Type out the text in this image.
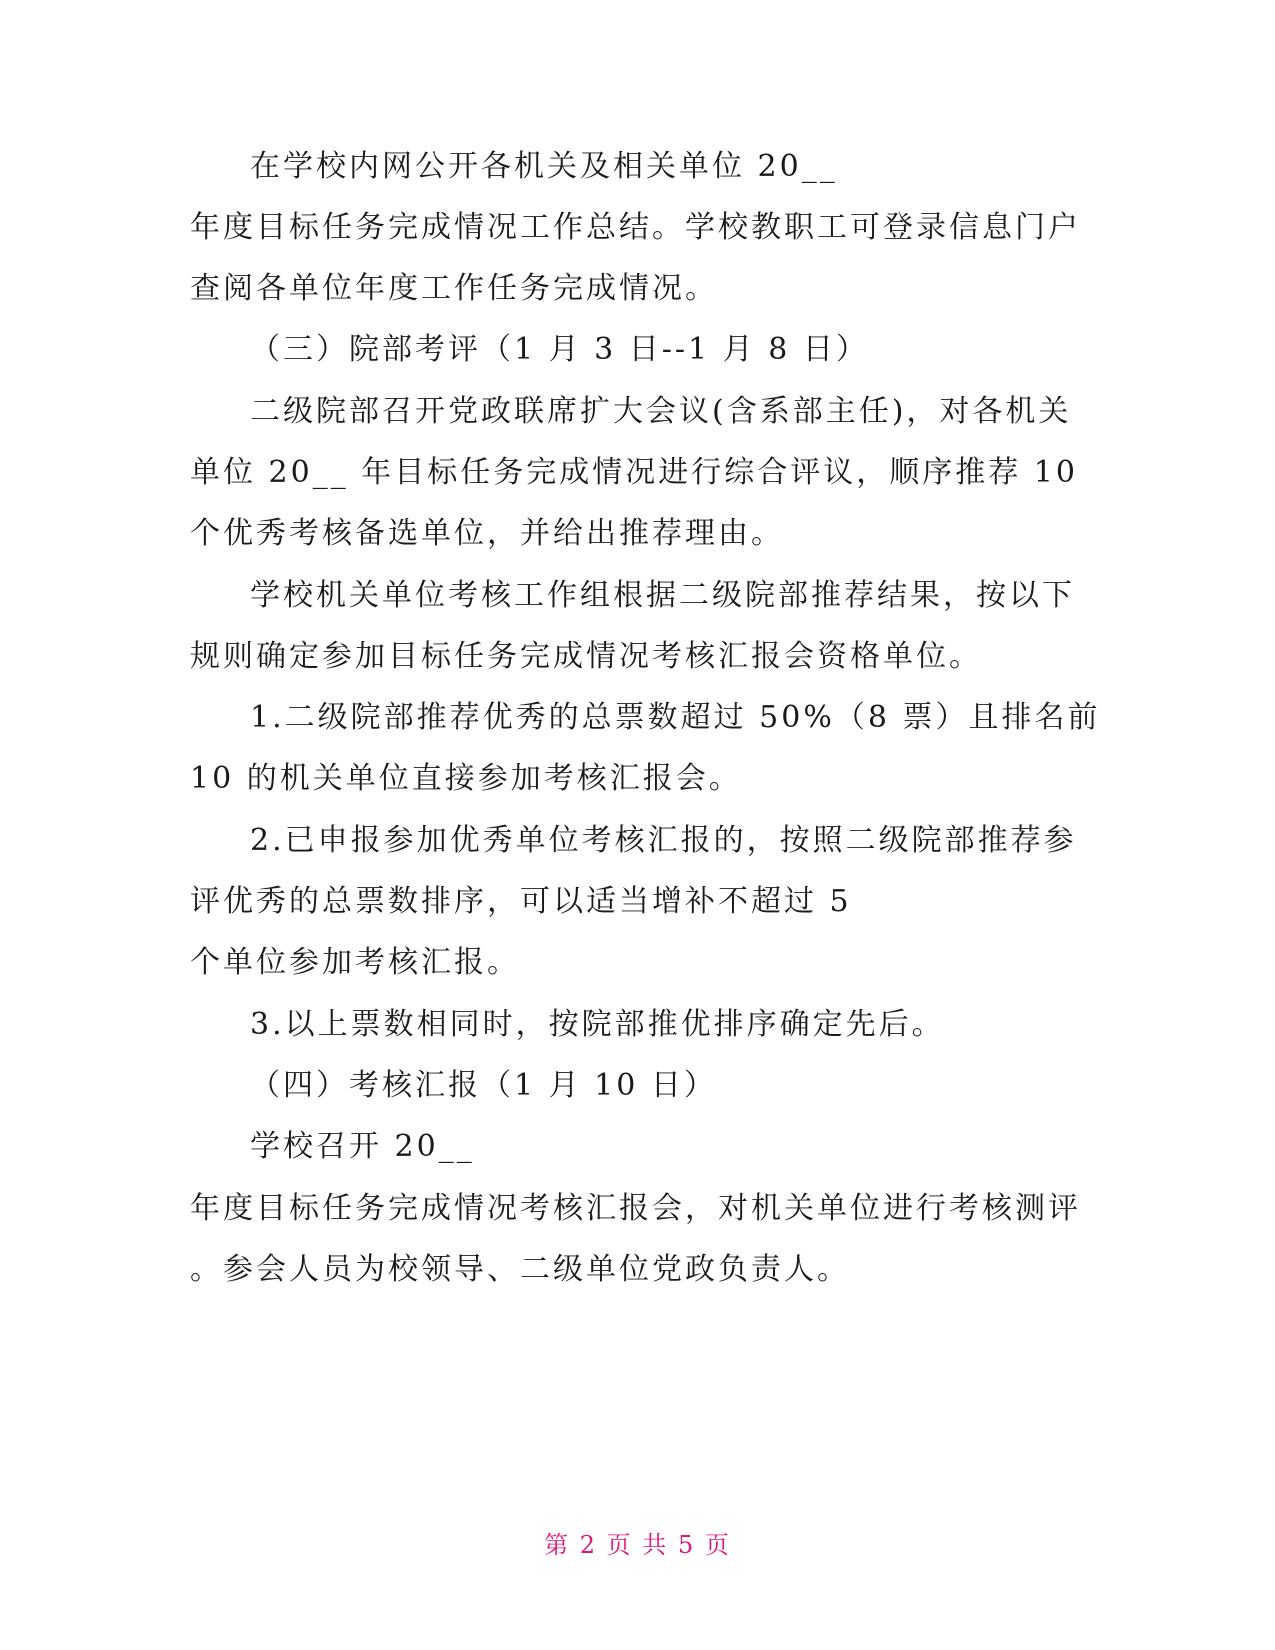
在学校内网公开各机关及相关单位 20__
年度目标任务完成情况工作总结。学校教职工可登录信息门户
查阅各单位年度工作任务完成情况。
（三）院部考评（1 月 3 日--1 月 8 日）
二级院部召开党政联席扩大会议(含系部主任)，对各机关
单位 20__ 年目标任务完成情况进行综合评议，顺序推荐 10
个优秀考核备选单位，并给出推荐理由。
学校机关单位考核工作组根据二级院部推荐结果，按以下
规则确定参加目标任务完成情况考核汇报会资格单位。
1.二级院部推荐优秀的总票数超过 50%（8 票）且排名前
10 的机关单位直接参加考核汇报会。
2.已申报参加优秀单位考核汇报的，按照二级院部推荐参
评优秀的总票数排序，可以适当增补不超过 5
个单位参加考核汇报。
3.以上票数相同时，按院部推优排序确定先后。
（四）考核汇报（1 月 10 日）
学校召开 20__
年度目标任务完成情况考核汇报会，对机关单位进行考核测评
。参会人员为校领导、二级单位党政负责人。
第 2 页 共 5 页
